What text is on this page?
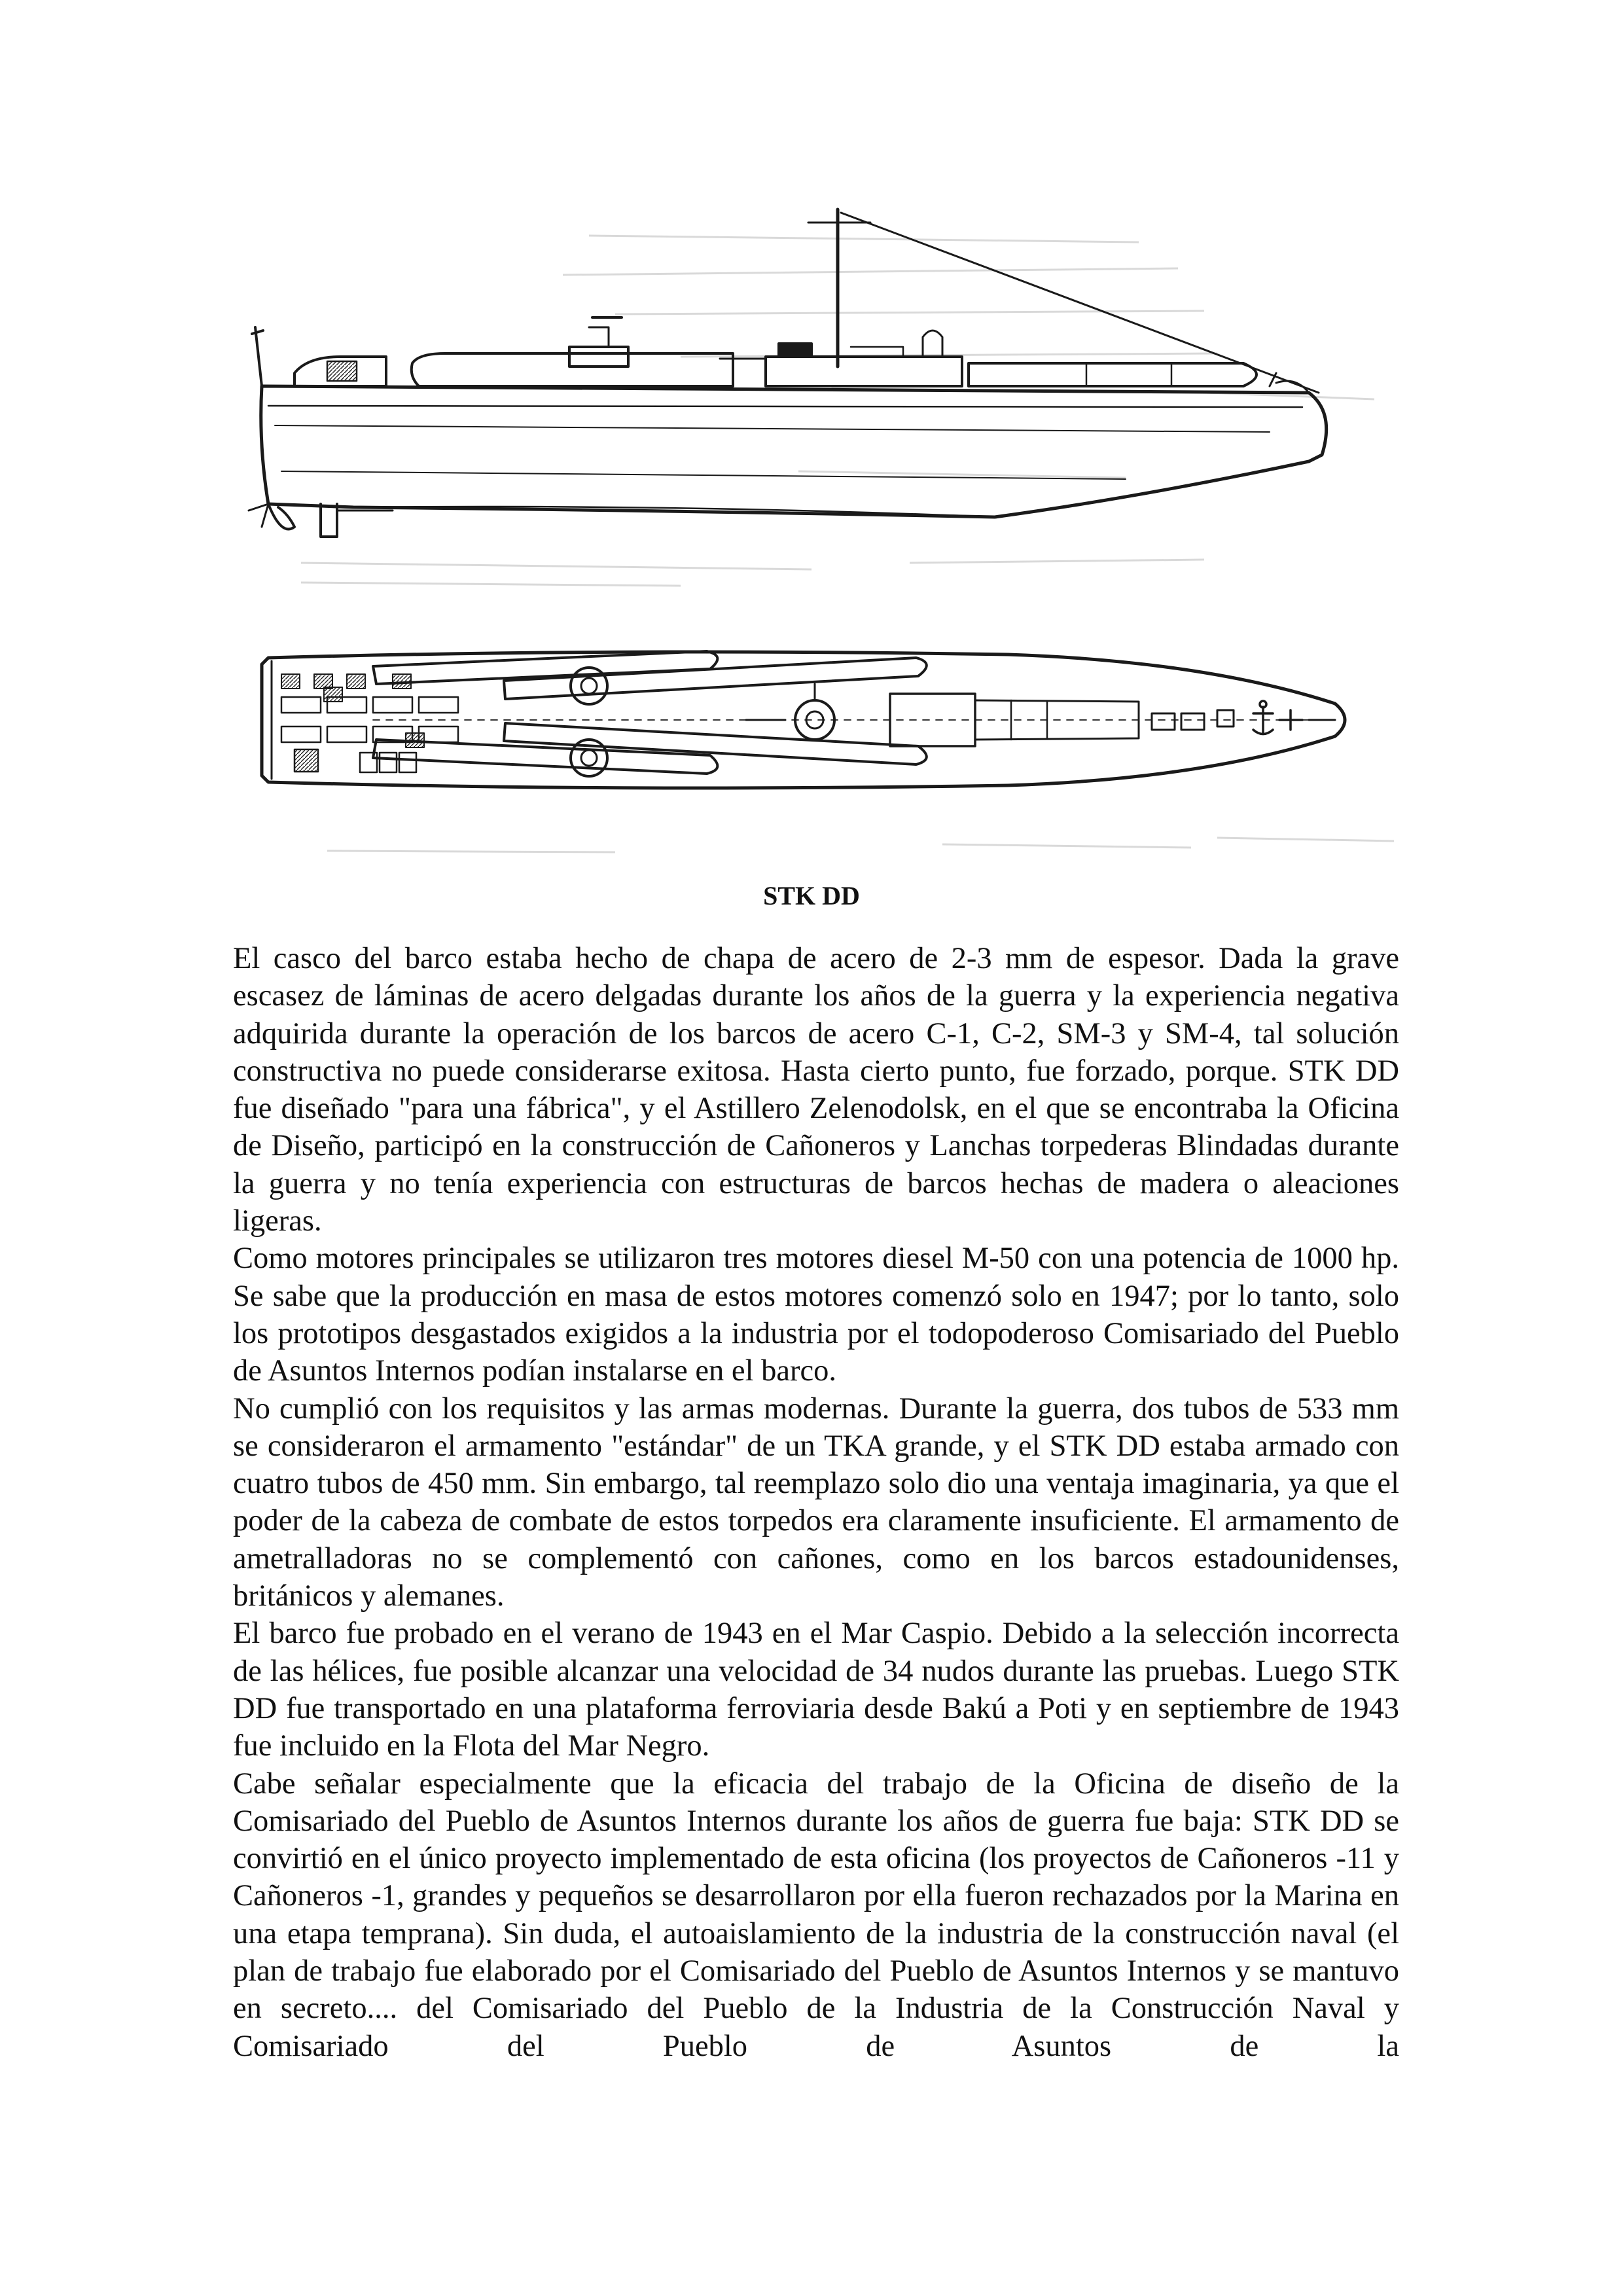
STK DD

El casco del barco estaba hecho de chapa de acero de 2-3 mm de espesor. Dada la grave escasez de láminas de acero delgadas durante los años de la guerra y la experiencia negativa adquirida durante la operación de los barcos de acero C-1, C-2, SM-3 y SM-4, tal solución constructiva no puede considerarse exitosa. Hasta cierto punto, fue forzado, porque. STK DD fue diseñado "para una fábrica", y el Astillero Zelenodolsk, en el que se encontraba la Oficina de Diseño, participó en la construcción de Cañoneros y Lanchas torpederas Blindadas durante la guerra y no tenía experiencia con estructuras de barcos hechas de madera o aleaciones ligeras.

Como motores principales se utilizaron tres motores diesel M-50 con una potencia de 1000 hp. Se sabe que la producción en masa de estos motores comenzó solo en 1947; por lo tanto, solo los prototipos desgastados exigidos a la industria por el todopoderoso Comisariado del Pueblo de Asuntos Internos podían instalarse en el barco.

No cumplió con los requisitos y las armas modernas. Durante la guerra, dos tubos de 533 mm se consideraron el armamento "estándar" de un TKA grande, y el STK DD estaba armado con cuatro tubos de 450 mm. Sin embargo, tal reemplazo solo dio una ventaja imaginaria, ya que el poder de la cabeza de combate de estos torpedos era claramente insuficiente. El armamento de ametralladoras no se complementó con cañones, como en los barcos estadounidenses, británicos y alemanes.

El barco fue probado en el verano de 1943 en el Mar Caspio. Debido a la selección incorrecta de las hélices, fue posible alcanzar una velocidad de 34 nudos durante las pruebas. Luego STK DD fue transportado en una plataforma ferroviaria desde Bakú a Poti y en septiembre de 1943 fue incluido en la Flota del Mar Negro.

Cabe señalar especialmente que la eficacia del trabajo de la Oficina de diseño de la Comisariado del Pueblo de Asuntos Internos durante los años de guerra fue baja: STK DD se convirtió en el único proyecto implementado de esta oficina (los proyectos de Cañoneros -11 y Cañoneros -1, grandes y pequeños se desarrollaron por ella fueron rechazados por la Marina en una etapa temprana). Sin duda, el autoaislamiento de la industria de la construcción naval (el plan de trabajo fue elaborado por el Comisariado del Pueblo de Asuntos Internos y se mantuvo en secreto.... del Comisariado del Pueblo de la Industria de la Construcción Naval y Comisariado del Pueblo de Asuntos de la
